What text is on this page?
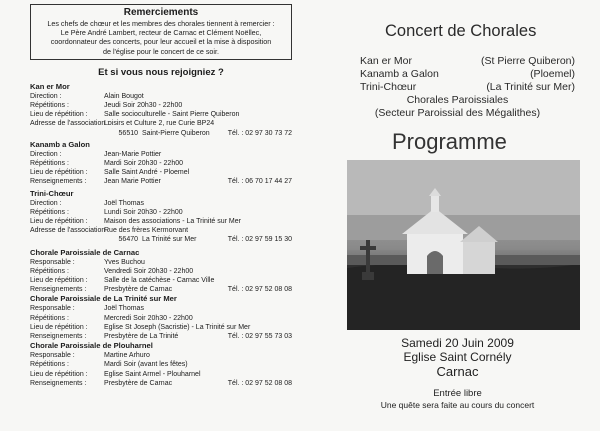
Remerciements

Les chefs de chœur et les membres des chorales tiennent à remercier :
Le Père André Lambert, recteur de Carnac et Clément Noëllec,
coordonnateur des concerts, pour leur accueil et la mise à disposition
de l'église pour le concert de ce soir.

Et si vous nous rejoigniez ?
Kan er Mor
Direction :	Alain Bougot
Répétitions :	Jeudi Soir 20h30 - 22h00
Lieu de répétition :	Salle socioculturelle - Saint Pierre Quiberon
Adresse de l'association :
Loisirs et Culture 2, rue Curie BP24
56510 Saint-Pierre Quiberon	Tél. : 02 97 30 73 72
Kanamb a Galon
Direction :	Jean-Marie Pottier
Répétitions :	Mardi Soir 20h30 - 22h00
Lieu de répétition :	Salle Saint André - Ploemel
Renseignements :	Jean Marie Pottier	Tél. : 06 70 17 44 27
Trini-Chœur
Direction :	Joël Thomas
Répétitions :	Lundi Soir 20h30 - 22h00
Lieu de répétition :	Maison des associations - La Trinité sur Mer
Adresse de l'association :
Rue des frères Kermorvant
56470 La Trinité sur Mer	Tél. : 02 97 59 15 30
Chorale Paroissiale de Carnac
Responsable :	Yves Buchou
Répétitions :	Vendredi Soir 20h30 - 22h00
Lieu de répétition :	Salle de la catéchèse - Carnac Ville
Renseignements :	Presbytère de Carnac	Tél. : 02 97 52 08 08
Chorale Paroissiale de La Trinité sur Mer
Responsable :	Joël Thomas
Répétitions :	Mercredi Soir 20h30 - 22h00
Lieu de répétition :	Eglise St Joseph (Sacristie) - La Trinité sur Mer
Renseignements :	Presbytère de La Trinité	Tél. : 02 97 55 73 03
Chorale Paroissiale de Plouharnel
Responsable :	Martine Arhuro
Répétitions :	Mardi Soir (avant les fêtes)
Lieu de répétition :	Eglise Saint Armel - Plouharnel
Renseignements :	Presbytère de Carnac	Tél. : 02 97 52 08 08
Concert de Chorales
Kan er Mor	(St Pierre Quiberon)
Kanamb a Galon	(Ploemel)
Trini-Chœur	(La Trinité sur Mer)
Chorales Paroissiales
(Secteur Paroissial des Mégalithes)
Programme
Samedi 20 Juin 2009
Eglise Saint Cornély
Carnac
Entrée libre
Une quête sera faite au cours du concert
